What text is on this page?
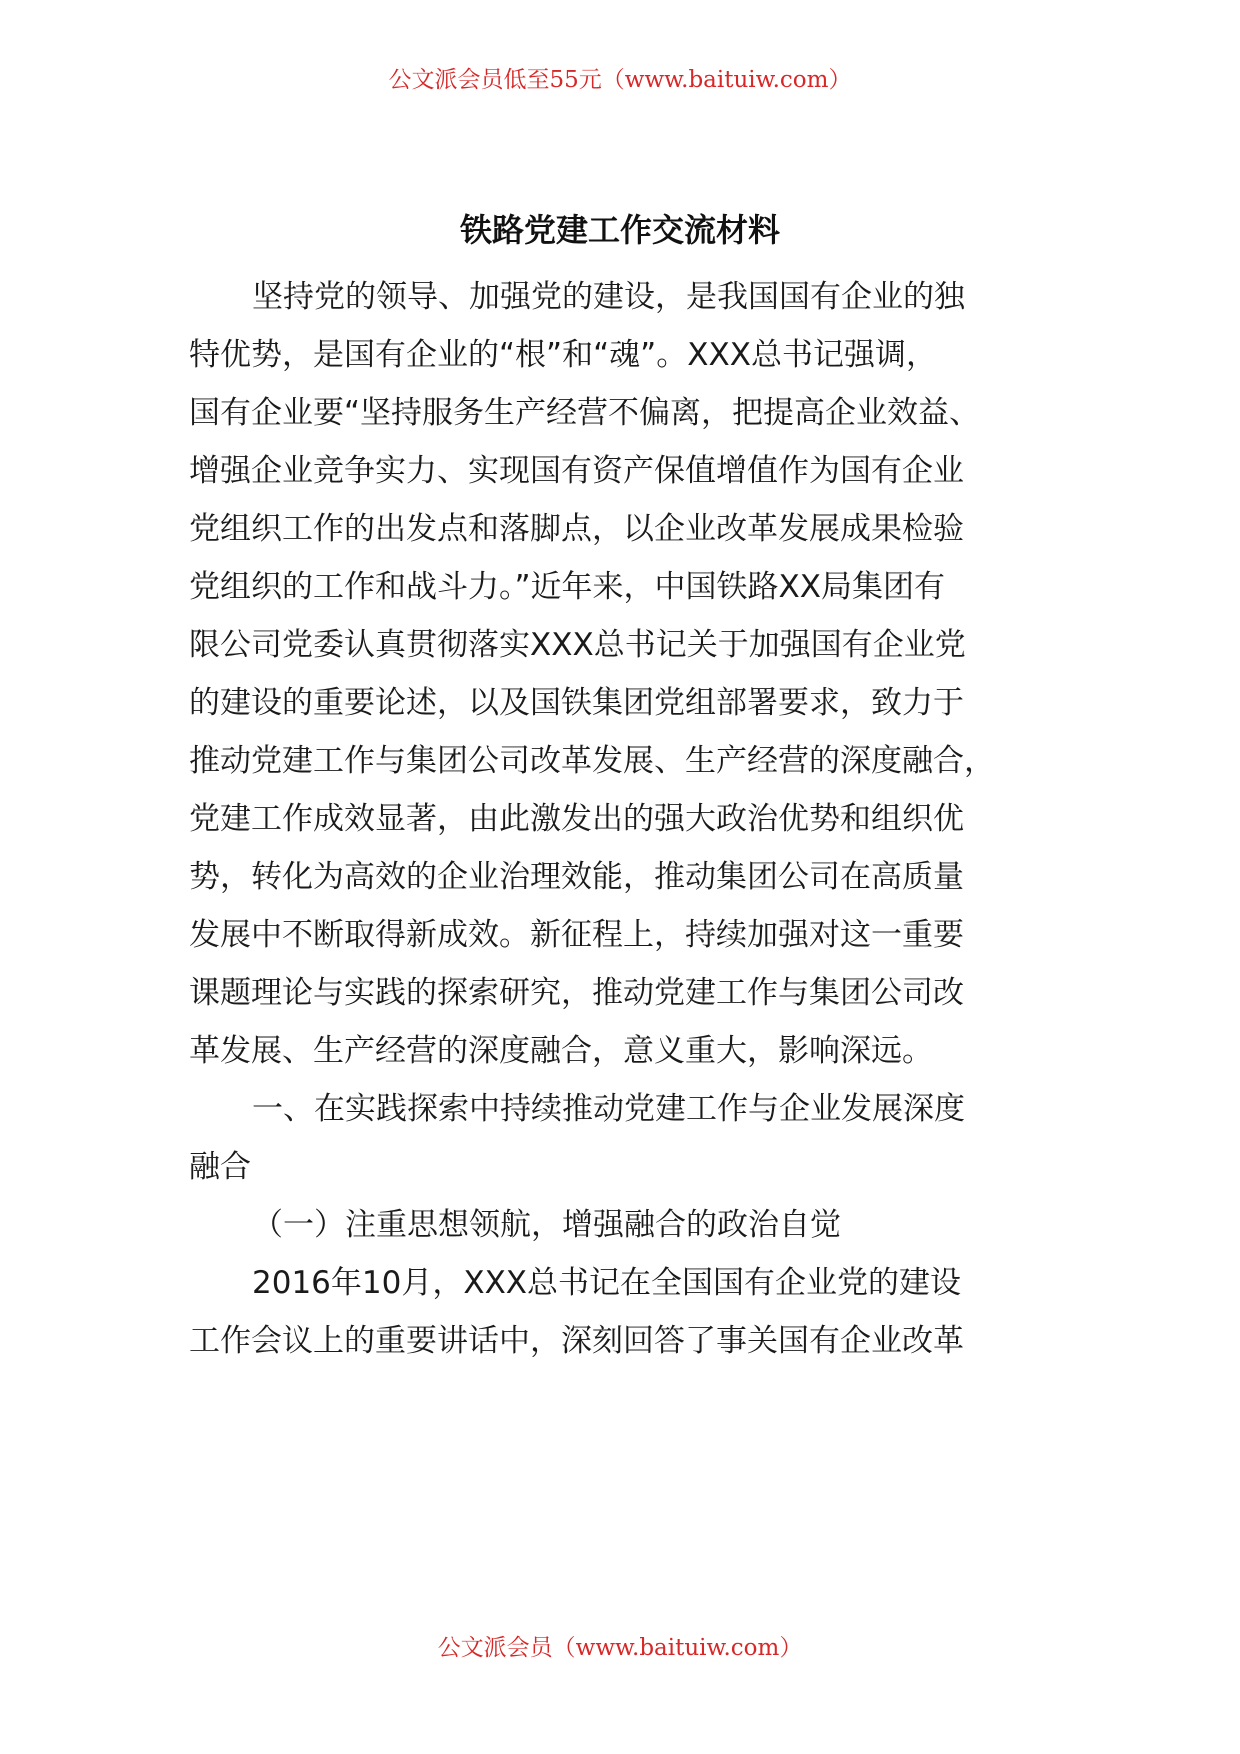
公文派会员低至55元（www.baituiw.com）
铁路党建工作交流材料
坚持党的领导、加强党的建设，是我国国有企业的独
特优势，是国有企业的“根”和“魂”。XXX总书记强调，
国有企业要“坚持服务生产经营不偏离，把提高企业效益、
增强企业竞争实力、实现国有资产保值增值作为国有企业
党组织工作的出发点和落脚点，以企业改革发展成果检验
党组织的工作和战斗力。”近年来，中国铁路XX局集团有
限公司党委认真贯彻落实XXX总书记关于加强国有企业党
的建设的重要论述，以及国铁集团党组部署要求，致力于
推动党建工作与集团公司改革发展、生产经营的深度融合，
党建工作成效显著，由此激发出的强大政治优势和组织优
势，转化为高效的企业治理效能，推动集团公司在高质量
发展中不断取得新成效。新征程上，持续加强对这一重要
课题理论与实践的探索研究，推动党建工作与集团公司改
革发展、生产经营的深度融合，意义重大，影响深远。
一、在实践探索中持续推动党建工作与企业发展深度
融合
（一）注重思想领航，增强融合的政治自觉
2016年10月，XXX总书记在全国国有企业党的建设
工作会议上的重要讲话中，深刻回答了事关国有企业改革
公文派会员（www.baituiw.com）
